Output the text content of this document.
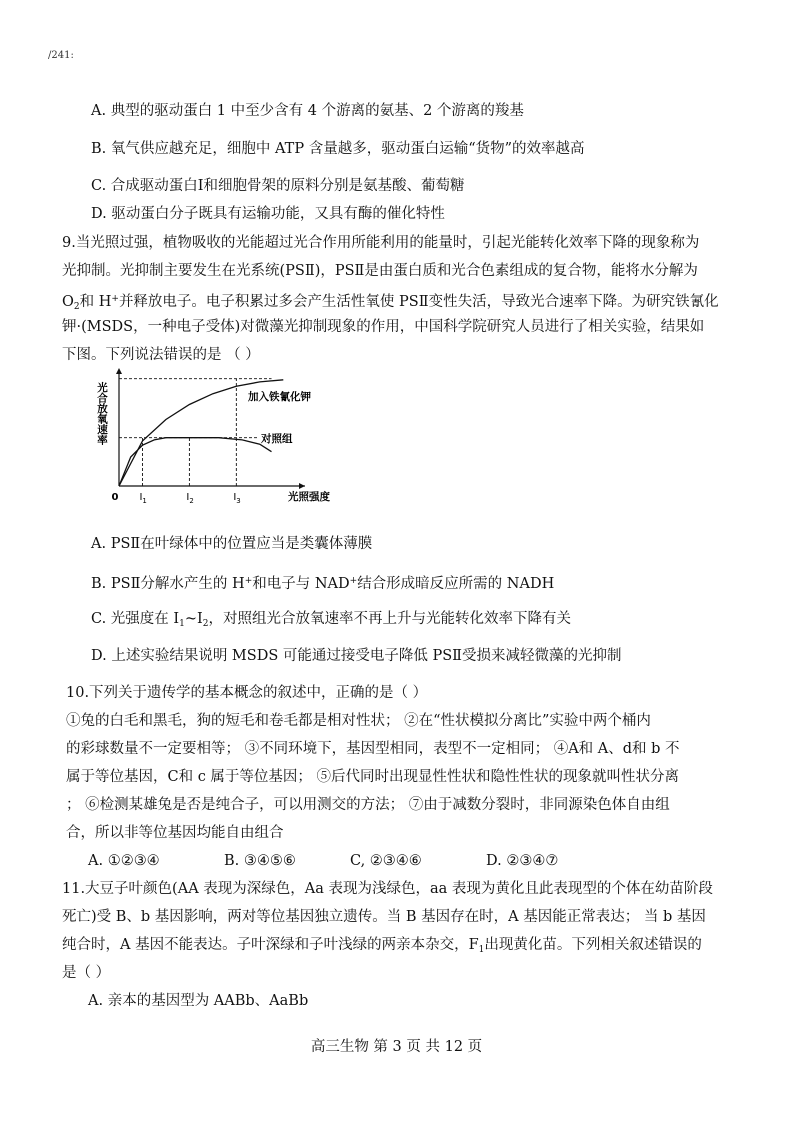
/241:
A. 典型的驱动蛋白 1 中至少含有 4 个游离的氨基、2 个游离的羧基
B. 氧气供应越充足，细胞中 ATP 含量越多，驱动蛋白运输“货物”的效率越高
C. 合成驱动蛋白Ⅰ和细胞骨架的原料分别是氨基酸、葡萄糖
D. 驱动蛋白分子既具有运输功能，又具有酶的催化特性
9.当光照过强，植物吸收的光能超过光合作用所能利用的能量时，引起光能转化效率下降的现象称为
光抑制。光抑制主要发生在光系统(PSⅡ)，PSⅡ是由蛋白质和光合色素组成的复合物，能将水分解为
$O_2$和 H+并释放电子。电子积累过多会产生活性氧使 PSⅡ变性失活，导致光合速率下降。为研究铁氰化
钾·(MSDS，一种电子受体)对微藻光抑制现象的作用，中国科学院研究人员进行了相关实验，结果如
下图。下列说法错误的是 （ ）
加入铁氰化钾
对照组
光合放氧速率
0 $I_1$	$I_2$	$I_3$	光照强度
A. PSⅡ在叶绿体中的位置应当是类囊体薄膜
B. PSⅡ分解水产生的 H+和电子与 NAD+结合形成暗反应所需的 NADH
C. 光强度在 $I_1\sim I_2$，对照组光合放氧速率不再上升与光能转化效率下降有关
D. 上述实验结果说明 MSDS 可能通过接受电子降低 PSⅡ受损来减轻微藻的光抑制
10.下列关于遗传学的基本概念的叙述中，正确的是（ ）
①兔的白毛和黑毛，狗的短毛和卷毛都是相对性状； ②在“性状模拟分离比”实验中两个桶内
的彩球数量不一定要相等； ③不同环境下，基因型相同，表型不一定相同； ④A和 A、d和 b 不
属于等位基因，C和 c 属于等位基因； ⑤后代同时出现显性性状和隐性性状的现象就叫性状分离
； ⑥检测某雄兔是否是纯合子，可以用测交的方法； ⑦由于减数分裂时，非同源染色体自由组
合，所以非等位基因均能自由组合
A. ①②③④	B. ③④⑤⑥	C, ②③④⑥	D. ②③④⑦
11.大豆子叶颜色(AA 表现为深绿色，Aa 表现为浅绿色，aa 表现为黄化且此表现型的个体在幼苗阶段
死亡)受 B、b 基因影响，两对等位基因独立遗传。当 B 基因存在时，A 基因能正常表达； 当 b 基因
纯合时，A 基因不能表达。子叶深绿和子叶浅绿的两亲本杂交，$F_1$出现黄化苗。下列相关叙述错误的
是（ ）
A. 亲本的基因型为 AABb、AaBb
高三生物 第 3 页 共 12 页
